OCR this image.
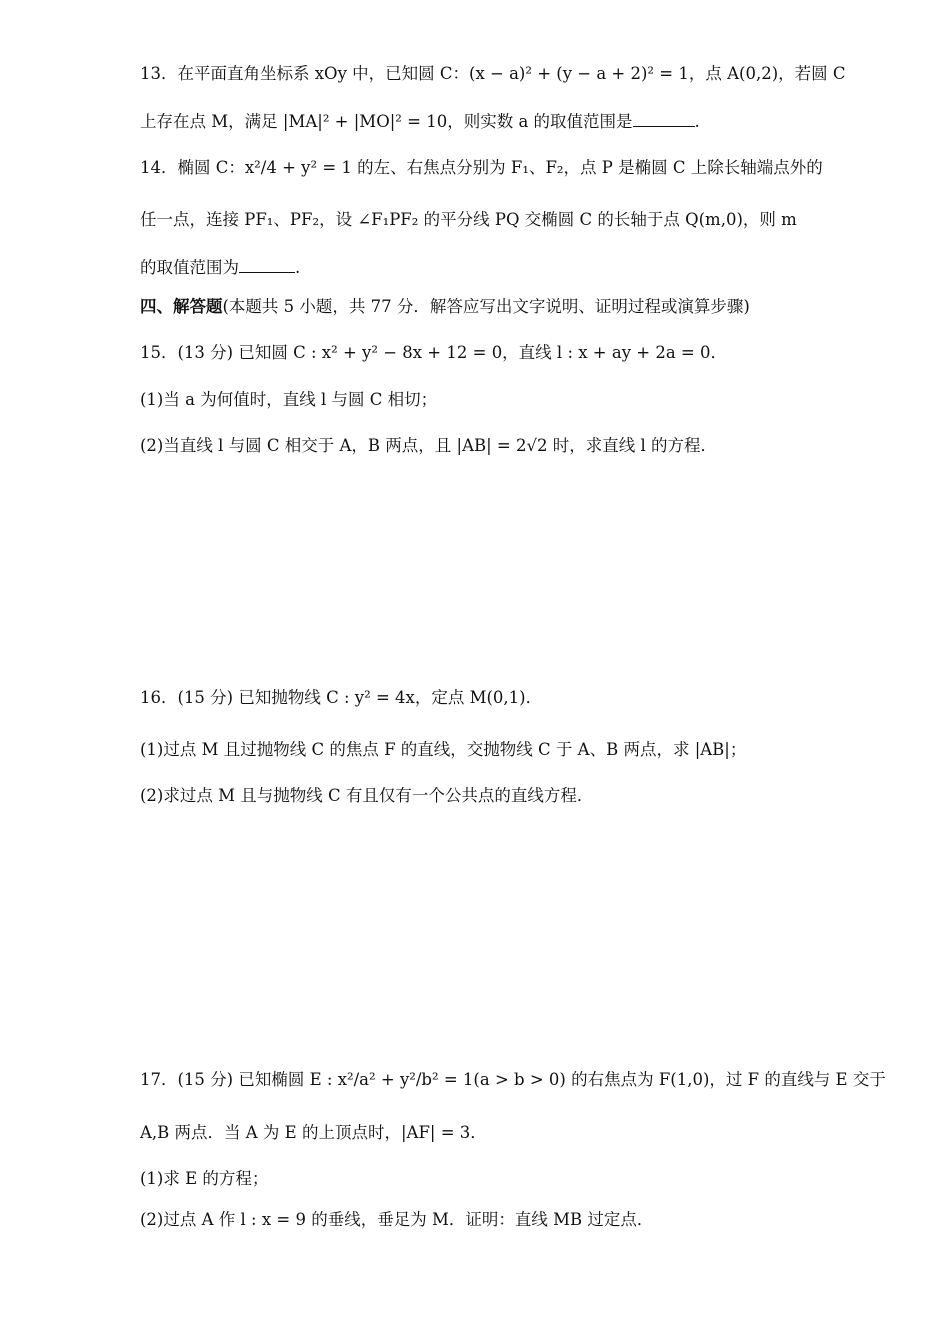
13．在平面直角坐标系 xOy 中，已知圆 C：(x − a)² + (y − a + 2)² = 1，点 A(0,2)，若圆 C
上存在点 M，满足 |MA|² + |MO|² = 10，则实数 a 的取值范围是	.
14．椭圆 C：x²/4 + y² = 1 的左、右焦点分别为 F₁、F₂，点 P 是椭圆 C 上除长轴端点外的
任一点，连接 PF₁、PF₂，设 ∠F₁PF₂ 的平分线 PQ 交椭圆 C 的长轴于点 Q(m,0)，则 m
的取值范围为	.
四、解答题(本题共 5 小题，共 77 分．解答应写出文字说明、证明过程或演算步骤)
15．(13 分) 已知圆 C : x² + y² − 8x + 12 = 0，直线 l : x + ay + 2a = 0．
(1)当 a 为何值时，直线 l 与圆 C 相切；
(2)当直线 l 与圆 C 相交于 A，B 两点，且 |AB| = 2√2 时，求直线 l 的方程．
16．(15 分) 已知抛物线 C : y² = 4x，定点 M(0,1)．
(1)过点 M 且过抛物线 C 的焦点 F 的直线，交抛物线 C 于 A、B 两点，求 |AB|；
(2)求过点 M 且与抛物线 C 有且仅有一个公共点的直线方程．
17．(15 分) 已知椭圆 E : x²/a² + y²/b² = 1(a > b > 0) 的右焦点为 F(1,0)，过 F 的直线与 E 交于
A,B 两点．当 A 为 E 的上顶点时，|AF| = 3．
(1)求 E 的方程；
(2)过点 A 作 l : x = 9 的垂线，垂足为 M．证明：直线 MB 过定点．
